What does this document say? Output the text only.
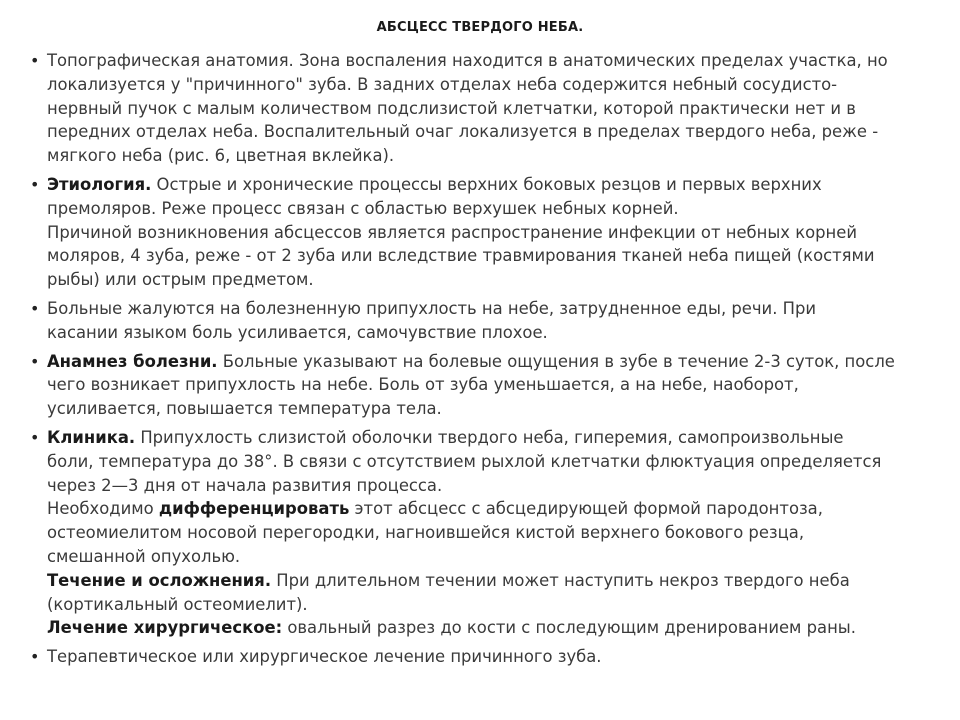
АБСЦЕСС ТВЕРДОГО НЕБА.
• Топографическая анатомия. Зона воспаления находится в анатомических пределах участка, но
локализуется у "причинного" зуба. В задних отделах неба содержится небный сосудисто-
нервный пучок с малым количеством подслизистой клетчатки, которой практически нет и в
передних отделах неба. Воспалительный очаг локализуется в пределах твердого неба, реже -
мягкого неба (рис. 6, цветная вклейка).
• Этиология. Острые и хронические процессы верхних боковых резцов и первых верхних
премоляров. Реже процесс связан с областью верхушек небных корней.
Причиной возникновения абсцессов является распространение инфекции от небных корней
моляров, 4 зуба, реже - от 2 зуба или вследствие травмирования тканей неба пищей (костями
рыбы) или острым предметом.
• Больные жалуются на болезненную припухлость на небе, затрудненное еды, речи. При
касании языком боль усиливается, самочувствие плохое.
• Анамнез болезни. Больные указывают на болевые ощущения в зубе в течение 2-3 суток, после
чего возникает припухлость на небе. Боль от зуба уменьшается, а на небе, наоборот,
усиливается, повышается температура тела.
• Клиника. Припухлость слизистой оболочки твердого неба, гиперемия, самопроизвольные
боли, температура до 38°. В связи с отсутствием рыхлой клетчатки флюктуация определяется
через 2—3 дня от начала развития процесса.
Необходимо дифференцировать этот абсцесс с абсцедирующей формой пародонтоза,
остеомиелитом носовой перегородки, нагноившейся кистой верхнего бокового резца,
смешанной опухолью.
Течение и осложнения. При длительном течении может наступить некроз твердого неба
(кортикальный остеомиелит).
Лечение хирургическое: овальный разрез до кости с последующим дренированием раны.
• Терапевтическое или хирургическое лечение причинного зуба.
